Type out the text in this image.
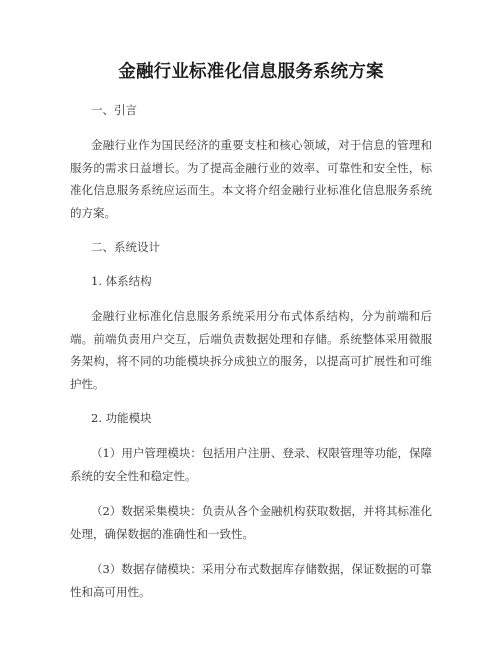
金融行业标准化信息服务系统方案

一、引言

金融行业作为国民经济的重要支柱和核心领域，对于信息的管理和服务的需求日益增长。为了提高金融行业的效率、可靠性和安全性，标准化信息服务系统应运而生。本文将介绍金融行业标准化信息服务系统的方案。

二、系统设计

1. 体系结构

金融行业标准化信息服务系统采用分布式体系结构，分为前端和后端。前端负责用户交互，后端负责数据处理和存储。系统整体采用微服务架构，将不同的功能模块拆分成独立的服务，以提高可扩展性和可维护性。

2. 功能模块

（1）用户管理模块：包括用户注册、登录、权限管理等功能，保障系统的安全性和稳定性。

（2）数据采集模块：负责从各个金融机构获取数据，并将其标准化处理，确保数据的准确性和一致性。

（3）数据存储模块：采用分布式数据库存储数据，保证数据的可靠性和高可用性。
